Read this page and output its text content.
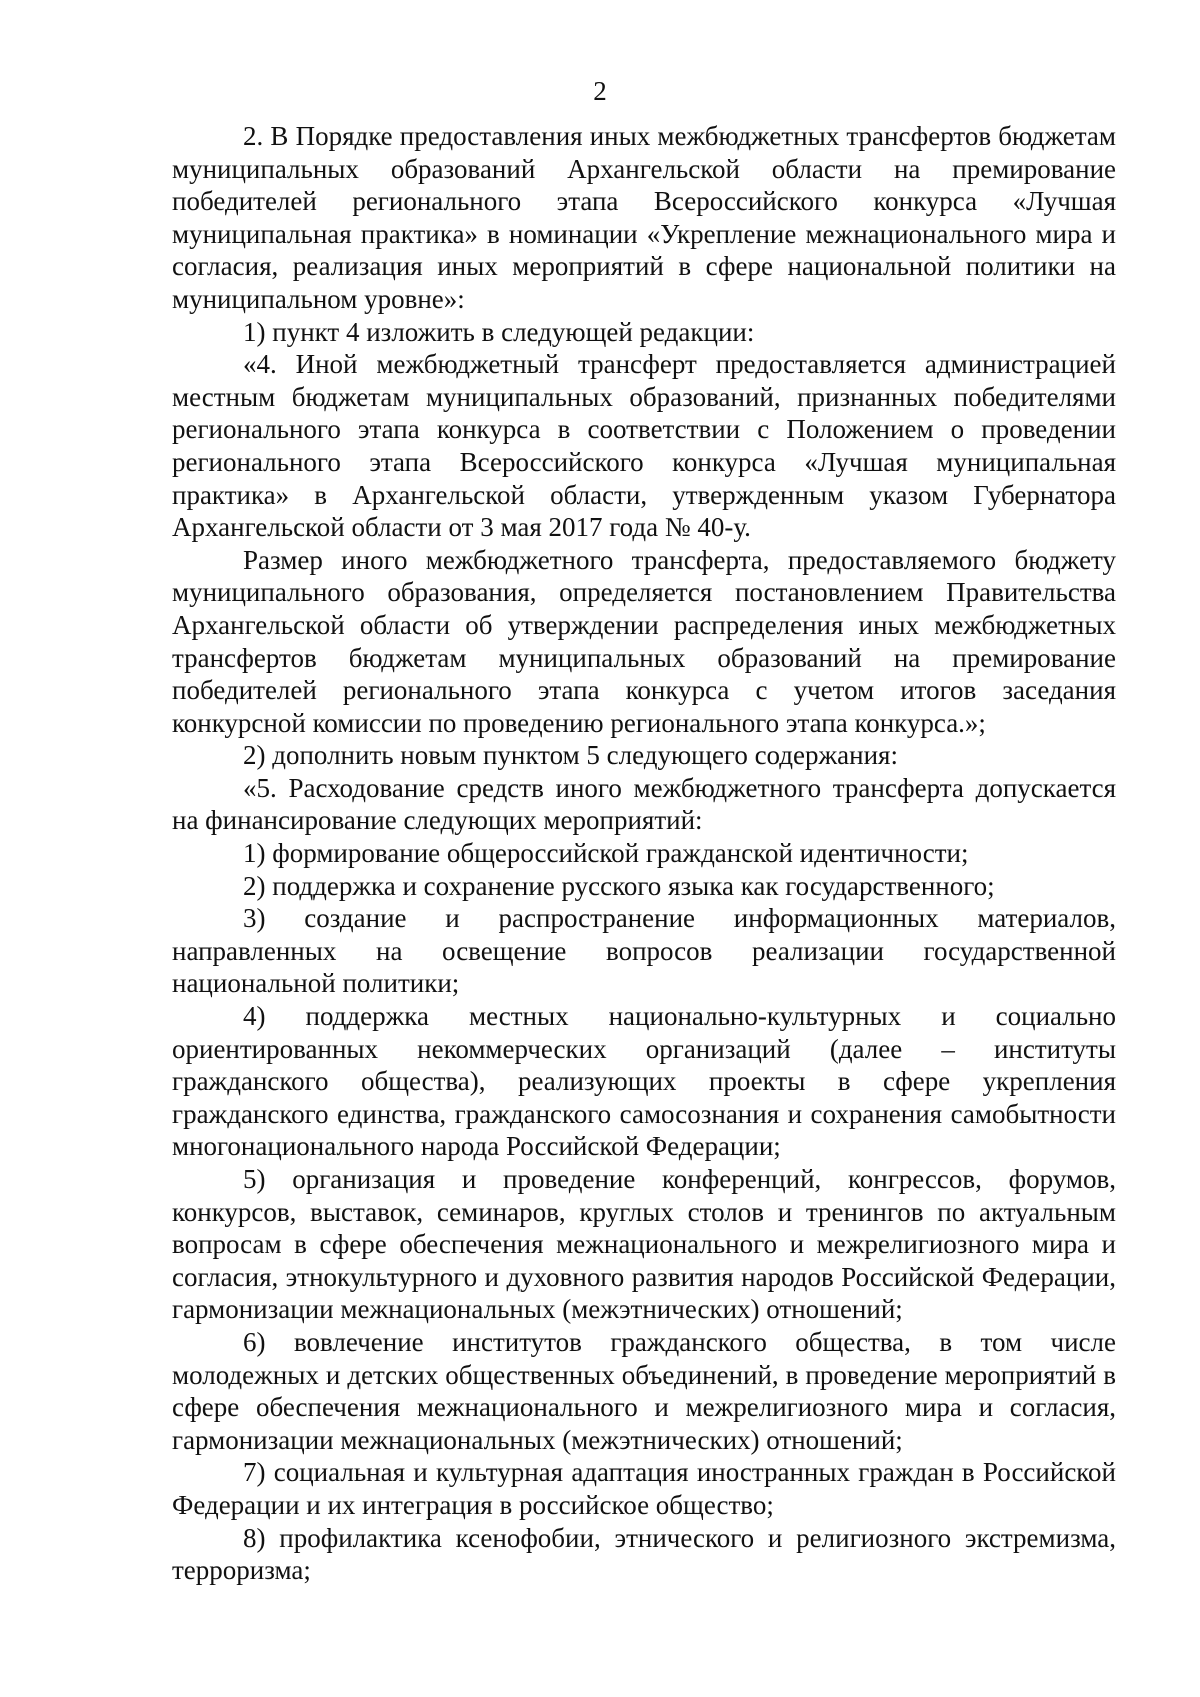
2

2. В Порядке предоставления иных межбюджетных трансфертов бюджетам муниципальных образований Архангельской области на премирование победителей регионального этапа Всероссийского конкурса «Лучшая муниципальная практика» в номинации «Укрепление межнационального мира и согласия, реализация иных мероприятий в сфере национальной политики на муниципальном уровне»:

1) пункт 4 изложить в следующей редакции:

«4. Иной межбюджетный трансферт предоставляется администрацией местным бюджетам муниципальных образований, признанных победителями регионального этапа конкурса в соответствии с Положением о проведении регионального этапа Всероссийского конкурса «Лучшая муниципальная практика» в Архангельской области, утвержденным указом Губернатора Архангельской области от 3 мая 2017 года № 40-у.

Размер иного межбюджетного трансферта, предоставляемого бюджету муниципального образования, определяется постановлением Правительства Архангельской области об утверждении распределения иных межбюджетных трансфертов бюджетам муниципальных образований на премирование победителей регионального этапа конкурса с учетом итогов заседания конкурсной комиссии по проведению регионального этапа конкурса.»;

2) дополнить новым пунктом 5 следующего содержания:

«5. Расходование средств иного межбюджетного трансферта допускается на финансирование следующих мероприятий:

1) формирование общероссийской гражданской идентичности;

2) поддержка и сохранение русского языка как государственного;

3) создание и распространение информационных материалов, направленных на освещение вопросов реализации государственной национальной политики;

4) поддержка местных национально-культурных и социально ориентированных некоммерческих организаций (далее – институты гражданского общества), реализующих проекты в сфере укрепления гражданского единства, гражданского самосознания и сохранения самобытности многонационального народа Российской Федерации;

5) организация и проведение конференций, конгрессов, форумов, конкурсов, выставок, семинаров, круглых столов и тренингов по актуальным вопросам в сфере обеспечения межнационального и межрелигиозного мира и согласия, этнокультурного и духовного развития народов Российской Федерации, гармонизации межнациональных (межэтнических) отношений;

6) вовлечение институтов гражданского общества, в том числе молодежных и детских общественных объединений, в проведение мероприятий в сфере обеспечения межнационального и межрелигиозного мира и согласия, гармонизации межнациональных (межэтнических) отношений;

7) социальная и культурная адаптация иностранных граждан в Российской Федерации и их интеграция в российское общество;

8) профилактика ксенофобии, этнического и религиозного экстремизма, терроризма;
